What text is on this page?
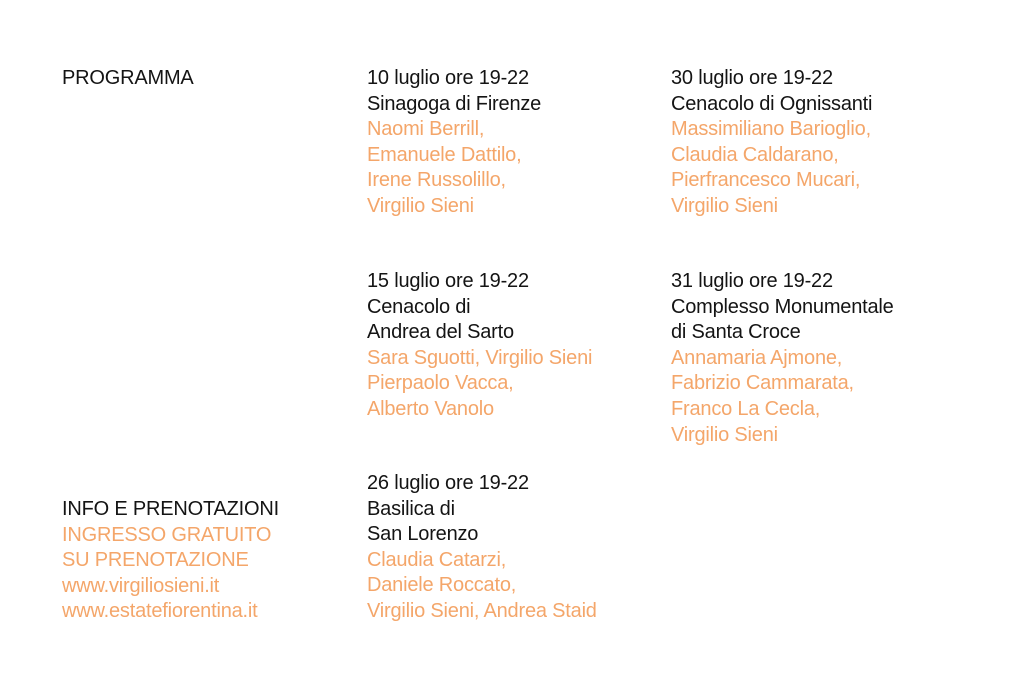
PROGRAMMA
INFO E PRENOTAZIONI
INGRESSO GRATUITO
SU PRENOTAZIONE
www.virgiliosieni.it
www.estatefiorentina.it
10 luglio ore 19-22
Sinagoga di Firenze
Naomi Berrill,
Emanuele Dattilo,
Irene Russolillo,
Virgilio Sieni
30 luglio ore 19-22
Cenacolo di Ognissanti
Massimiliano Barioglio,
Claudia Caldarano,
Pierfrancesco Mucari,
Virgilio Sieni
15 luglio ore 19-22
Cenacolo di
Andrea del Sarto
Sara Sguotti, Virgilio Sieni
Pierpaolo Vacca,
Alberto Vanolo
31 luglio ore 19-22
Complesso Monumentale
di Santa Croce
Annamaria Ajmone,
Fabrizio Cammarata,
Franco La Cecla,
Virgilio Sieni
26 luglio ore 19-22
Basilica di
San Lorenzo
Claudia Catarzi,
Daniele Roccato,
Virgilio Sieni, Andrea Staid
